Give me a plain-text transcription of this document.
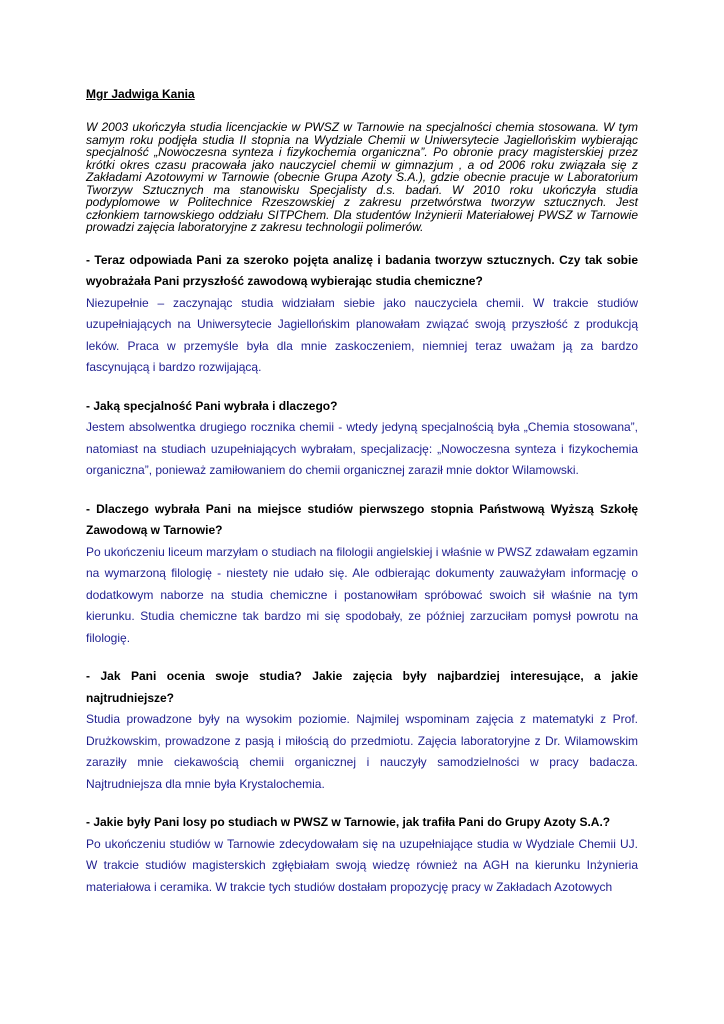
Mgr Jadwiga Kania

W 2003 ukończyła studia licencjackie w PWSZ w Tarnowie na specjalności chemia stosowana. W tym samym roku podjęła studia II stopnia na Wydziale Chemii w Uniwersytecie Jagiellońskim wybierając specjalność „Nowoczesna synteza i fizykochemia organiczna”. Po obronie pracy magisterskiej przez krótki okres czasu pracowała jako nauczyciel chemii w gimnazjum , a od 2006 roku związała się z Zakładami Azotowymi w Tarnowie (obecnie Grupa Azoty S.A.), gdzie obecnie pracuje w Laboratorium Tworzyw Sztucznych ma stanowisku Specjalisty d.s. badań. W 2010 roku ukończyła studia podyplomowe w Politechnice Rzeszowskiej z zakresu przetwórstwa tworzyw sztucznych. Jest członkiem tarnowskiego oddziału SITPChem. Dla studentów Inżynierii Materiałowej PWSZ w Tarnowie prowadzi zajęcia laboratoryjne z zakresu technologii polimerów.

- Teraz odpowiada Pani za szeroko pojęta analizę i badania tworzyw sztucznych. Czy tak sobie wyobrażała Pani przyszłość zawodową wybierając studia chemiczne?

Niezupełnie – zaczynając studia widziałam siebie jako nauczyciela chemii. W trakcie studiów uzupełniających na Uniwersytecie Jagiellońskim planowałam związać swoją przyszłość z produkcją leków. Praca w przemyśle była dla mnie zaskoczeniem, niemniej teraz uważam ją za bardzo fascynującą i bardzo rozwijającą.

- Jaką specjalność Pani wybrała i dlaczego?

Jestem absolwentka drugiego rocznika chemii - wtedy jedyną specjalnością była „Chemia stosowana”, natomiast na studiach uzupełniających wybrałam, specjalizację: „Nowoczesna synteza i fizykochemia organiczna”, ponieważ zamiłowaniem do chemii organicznej zaraził mnie doktor Wilamowski.

- Dlaczego wybrała Pani na miejsce studiów pierwszego stopnia Państwową Wyższą Szkołę Zawodową w Tarnowie?

Po ukończeniu liceum marzyłam o studiach na filologii angielskiej i właśnie w PWSZ zdawałam egzamin na wymarzoną filologię - niestety nie udało się. Ale odbierając dokumenty zauważyłam informację o dodatkowym naborze na studia chemiczne i postanowiłam spróbować swoich sił właśnie na tym kierunku. Studia chemiczne tak bardzo mi się spodobały, ze później zarzuciłam pomysł powrotu na filologię.

- Jak Pani ocenia swoje studia? Jakie zajęcia były najbardziej interesujące, a jakie najtrudniejsze?

Studia prowadzone były na wysokim poziomie. Najmilej wspominam zajęcia z matematyki z Prof. Drużkowskim, prowadzone z pasją i miłością do przedmiotu. Zajęcia laboratoryjne z Dr. Wilamowskim zaraziły mnie ciekawością chemii organicznej i nauczyły samodzielności w pracy badacza. Najtrudniejsza dla mnie była Krystalochemia.

- Jakie były Pani losy po studiach w PWSZ w Tarnowie, jak trafiła Pani do Grupy Azoty S.A.?

Po ukończeniu studiów w Tarnowie zdecydowałam się na uzupełniające studia w Wydziale Chemii UJ. W trakcie studiów magisterskich zgłębiałam swoją wiedzę również na AGH na kierunku Inżynieria materiałowa i ceramika. W trakcie tych studiów dostałam propozycję pracy w Zakładach Azotowych
